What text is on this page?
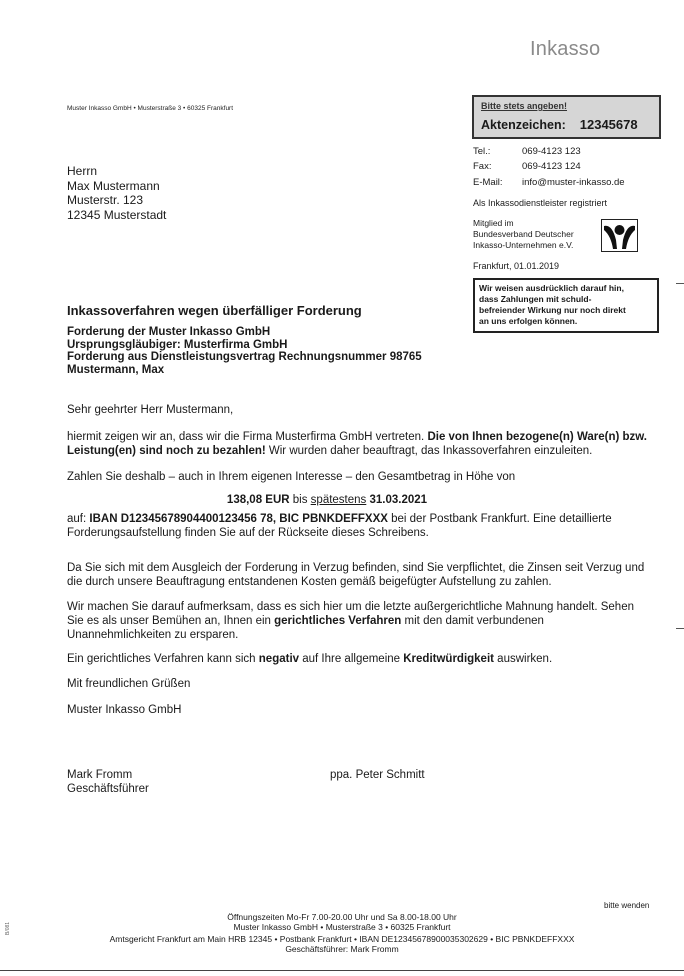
Inkasso
Muster Inkasso GmbH • Musterstraße 3 • 60325 Frankfurt	Bitte stets angeben!
Aktenzeichen: 12345678
Tel.:	069-4123 123
Fax:	069-4123 124
E-Mail: info@muster-inkasso.de
Als Inkassodienstleister registriert
Mitglied im
Bundesverband Deutscher
Inkasso-Unternehmen e.V.
Frankfurt, 01.01.2019
Wir weisen ausdrücklich darauf hin,
dass Zahlungen mit schuld-
befreiender Wirkung nur noch direkt
an uns erfolgen können.
Herrn
Max Mustermann
Musterstr. 123
12345 Musterstadt
Inkassoverfahren wegen überfälliger Forderung
Forderung der Muster Inkasso GmbH
Ursprungsgläubiger: Musterfirma GmbH
Forderung aus Dienstleistungsvertrag Rechnungsnummer 98765
Mustermann, Max
Sehr geehrter Herr Mustermann,
hiermit zeigen wir an, dass wir die Firma Musterfirma GmbH vertreten. Die von Ihnen bezogene(n) Ware(n) bzw. Leistung(en) sind noch zu bezahlen! Wir wurden daher beauftragt, das Inkassoverfahren einzuleiten.
Zahlen Sie deshalb – auch in Ihrem eigenen Interesse – den Gesamtbetrag in Höhe von
138,08 EUR bis spätestens 31.03.2021
auf: IBAN D12345678904400123456 78, BIC PBNKDEFFXXX bei der Postbank Frankfurt. Eine detaillierte Forderungsaufstellung finden Sie auf der Rückseite dieses Schreibens.
Da Sie sich mit dem Ausgleich der Forderung in Verzug befinden, sind Sie verpflichtet, die Zinsen seit Verzug und die durch unsere Beauftragung entstandenen Kosten gemäß beigefügter Aufstellung zu zahlen.
Wir machen Sie darauf aufmerksam, dass es sich hier um die letzte außergerichtliche Mahnung handelt. Sehen Sie es als unser Bemühen an, Ihnen ein gerichtliches Verfahren mit den damit verbundenen Unannehmlichkeiten zu ersparen.
Ein gerichtliches Verfahren kann sich negativ auf Ihre allgemeine Kreditwürdigkeit auswirken.
Mit freundlichen Grüßen
Muster Inkasso GmbH
Mark Fromm
Geschäftsführer
ppa. Peter Schmitt
bitte wenden
Öffnungszeiten Mo-Fr 7.00-20.00 Uhr und Sa 8.00-18.00 Uhr
Muster Inkasso GmbH • Musterstraße 3 • 60325 Frankfurt
Amtsgericht Frankfurt am Main HRB 12345 • Postbank Frankfurt • IBAN DE12345678900035302629 • BIC PBNKDEFFXXX
Geschäftsführer: Mark Fromm
B/081
